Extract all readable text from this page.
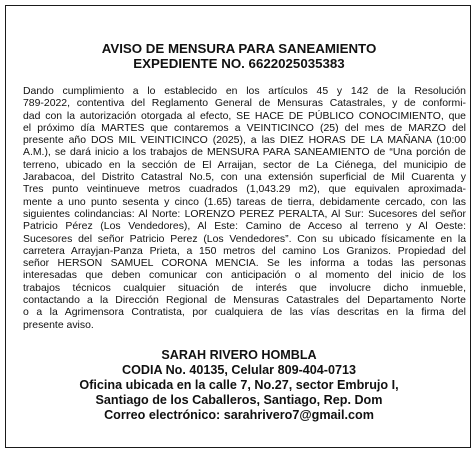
AVISO DE MENSURA PARA SANEAMIENTO
EXPEDIENTE NO. 6622025035383
Dando cumplimiento a lo establecido en los artículos 45 y 142 de la Resolución
789-2022, contentiva del Reglamento General de Mensuras Catastrales, y de conformi-
dad con la autorización otorgada al efecto, SE HACE DE PÚBLICO CONOCIMIENTO, que
el próximo día MARTES que contaremos a VEINTICINCO (25) del mes de MARZO del
presente año DOS MIL VEINTICINCO (2025), a las DIEZ HORAS DE LA MAÑANA (10:00
A.M.), se dará inicio a los trabajos de MENSURA PARA SANEAMIENTO de “Una porción de
terreno, ubicado en la sección de El Arraijan, sector de La Ciénega, del municipio de
Jarabacoa, del Distrito Catastral No.5, con una extensión superficial de Mil Cuarenta y
Tres punto veintinueve metros cuadrados (1,043.29 m2), que equivalen aproximada-
mente a uno punto sesenta y cinco (1.65) tareas de tierra, debidamente cercado, con las
siguientes colindancias: Al Norte: LORENZO PEREZ PERALTA, Al Sur: Sucesores del señor
Patricio Pérez (Los Vendedores), Al Este: Camino de Acceso al terreno y Al Oeste:
Sucesores del señor Patricio Perez (Los Vendedores”. Con su ubicado físicamente en la
carretera Arrayjan-Panza Prieta, a 150 metros del camino Los Granizos. Propiedad del
señor HERSON SAMUEL CORONA MENCIA. Se les informa a todas las personas
interesadas que deben comunicar con anticipación o al momento del inicio de los
trabajos técnicos cualquier situación de interés que involucre dicho inmueble,
contactando a la Dirección Regional de Mensuras Catastrales del Departamento Norte
o a la Agrimensora Contratista, por cualquiera de las vías descritas en la firma del
presente aviso.
SARAH RIVERO HOMBLA
CODIA No. 40135, Celular 809-404-0713
Oficina ubicada en la calle 7, No.27, sector Embrujo I,
Santiago de los Caballeros, Santiago, Rep. Dom
Correo electrónico: sarahrivero7@gmail.com
